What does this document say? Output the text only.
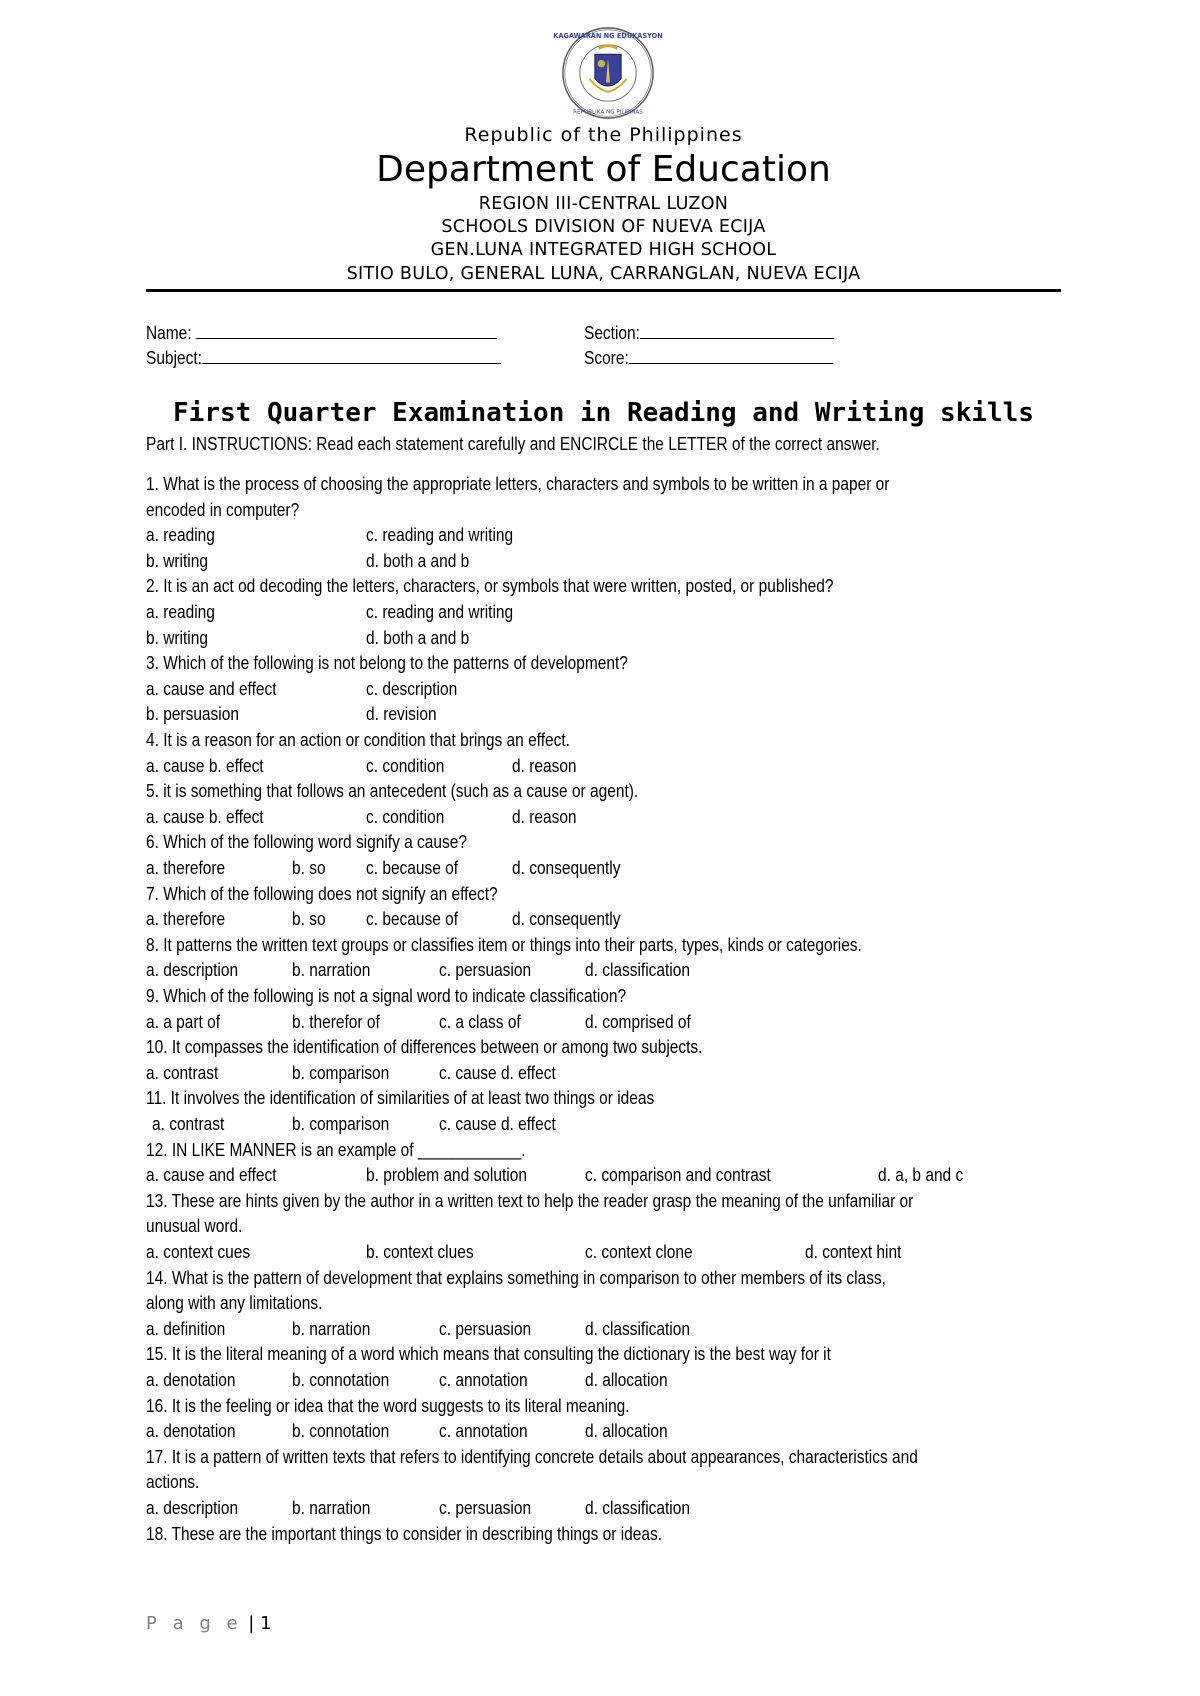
KAGAWARAN NG EDUKASYON
REPUBLIKA NG PILIPINAS
Republic of the Philippines
Department of Education
REGION III-CENTRAL LUZON
SCHOOLS DIVISION OF NUEVA ECIJA
GEN.LUNA INTEGRATED HIGH SCHOOL
SITIO BULO, GENERAL LUNA, CARRANGLAN, NUEVA ECIJA
Name:	Section:
Subject:	Score:
First Quarter Examination in Reading and Writing skills
Part I. INSTRUCTIONS: Read each statement carefully and ENCIRCLE the LETTER of the correct answer.
1. What is the process of choosing the appropriate letters, characters and symbols to be written in a paper or
encoded in computer?
a. reading	c. reading and writing
b. writing	d. both a and b
2. It is an act od decoding the letters, characters, or symbols that were written, posted, or published?
a. reading	c. reading and writing
b. writing	d. both a and b
3. Which of the following is not belong to the patterns of development?
a. cause and effect	c. description
b. persuasion	d. revision
4. It is a reason for an action or condition that brings an effect.
a. cause b. effect	c. condition	d. reason
5. it is something that follows an antecedent (such as a cause or agent).
a. cause b. effect	c. condition	d. reason
6. Which of the following word signify a cause?
a. therefore	b. so c. because of	d. consequently
7. Which of the following does not signify an effect?
a. therefore	b. so c. because of	d. consequently
8. It patterns the written text groups or classifies item or things into their parts, types, kinds or categories.
a. description	b. narration	c. persuasion	d. classification
9. Which of the following is not a signal word to indicate classification?
a. a part of	b. therefor of	c. a class of	d. comprised of
10. It compasses the identification of differences between or among two subjects.
a. contrast	b. comparison	c. cause d. effect
11. It involves the identification of similarities of at least two things or ideas
a. contrast	b. comparison	c. cause d. effect
12. IN LIKE MANNER is an example of ____________.
a. cause and effect	b. problem and solution	c. comparison and contrast	d. a, b and c
13. These are hints given by the author in a written text to help the reader grasp the meaning of the unfamiliar or
unusual word.
a. context cues	b. context clues	c. context clone	d. context hint
14. What is the pattern of development that explains something in comparison to other members of its class,
along with any limitations.
a. definition	b. narration	c. persuasion	d. classification
15. It is the literal meaning of a word which means that consulting the dictionary is the best way for it
a. denotation	b. connotation	c. annotation	d. allocation
16. It is the feeling or idea that the word suggests to its literal meaning.
a. denotation	b. connotation	c. annotation	d. allocation
17. It is a pattern of written texts that refers to identifying concrete details about appearances, characteristics and
actions.
a. description	b. narration	c. persuasion	d. classification
18. These are the important things to consider in describing things or ideas.
P a g e | 1
